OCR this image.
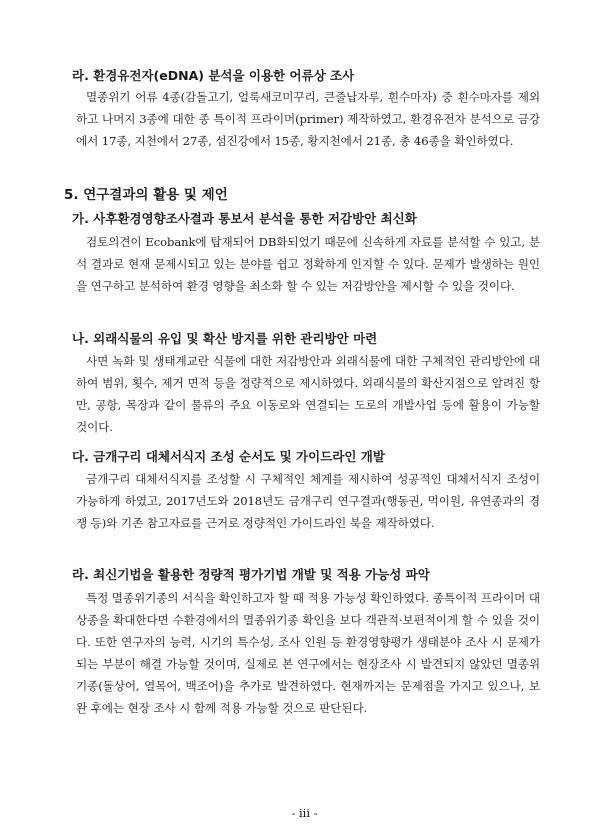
라. 환경유전자(eDNA) 분석을 이용한 어류상 조사
멸종위기 어류 4종(감돌고기, 얼룩새코미꾸리, 큰줄납자루, 흰수마자) 중 흰수마자를 제외하고 나머지 3종에 대한 종 특이적 프라이머(primer) 제작하였고, 환경유전자 분석으로 금강에서 17종, 지천에서 27종, 섬진강에서 15종, 황지천에서 21종, 총 46종을 확인하였다.
5. 연구결과의 활용 및 제언
가. 사후환경영향조사결과 통보서 분석을 통한 저감방안 최신화
검토의견이 Ecobank에 탑재되어 DB화되었기 때문에 신속하게 자료를 분석할 수 있고, 분석 결과로 현재 문제시되고 있는 분야를 쉽고 정확하게 인지할 수 있다. 문제가 발생하는 원인을 연구하고 분석하여 환경 영향을 최소화 할 수 있는 저감방안을 제시할 수 있을 것이다.
나. 외래식물의 유입 및 확산 방지를 위한 관리방안 마련
사면 녹화 및 생태계교란 식물에 대한 저감방안과 외래식물에 대한 구체적인 관리방안에 대하여 범위, 횟수, 제거 면적 등을 정량적으로 제시하였다. 외래식물의 확산지점으로 알려진 항만, 공항, 목장과 같이 물류의 주요 이동로와 연결되는 도로의 개발사업 등에 활용이 가능할 것이다.
다. 금개구리 대체서식지 조성 순서도 및 가이드라인 개발
금개구리 대체서식지를 조성할 시 구체적인 체계를 제시하여 성공적인 대체서식지 조성이 가능하게 하였고, 2017년도와 2018년도 금개구리 연구결과(행동권, 먹이원, 유연종과의 경쟁 등)와 기존 참고자료를 근거로 정량적인 가이드라인 북을 제작하였다.
라. 최신기법을 활용한 정량적 평가기법 개발 및 적용 가능성 파악
특정 멸종위기종의 서식을 확인하고자 할 때 적용 가능성 확인하였다. 종특이적 프라이머 대상종을 확대한다면 수환경에서의 멸종위기종 확인을 보다 객관적·보편적이게 할 수 있을 것이다. 또한 연구자의 능력, 시기의 특수성, 조사 인원 등 환경영향평가 생태분야 조사 시 문제가 되는 부분이 해결 가능할 것이며, 실제로 본 연구에서는 현장조사 시 발견되지 않았던 멸종위기종(돌상어, 열목어, 백조어)을 추가로 발견하였다. 현재까지는 문제점을 가지고 있으나, 보완 후에는 현장 조사 시 함께 적용 가능할 것으로 판단된다.
- iii -
